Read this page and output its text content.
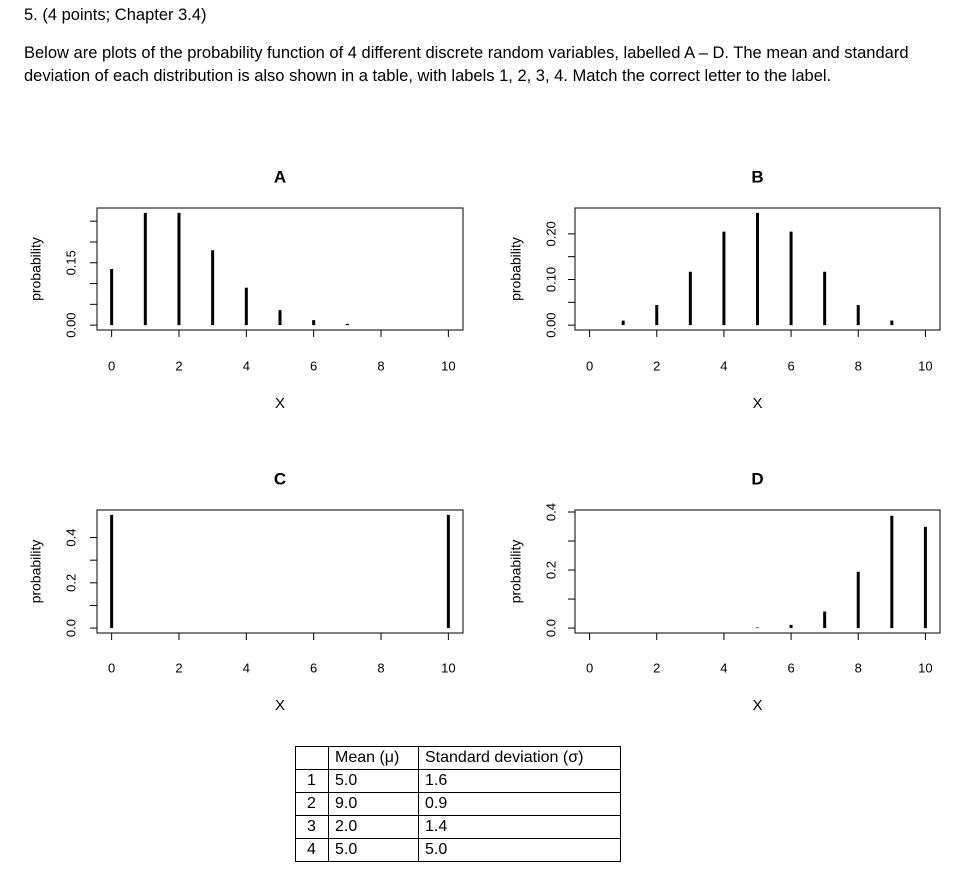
5. (4 points; Chapter 3.4)
Below are plots of the probability function of 4 different discrete random variables, labelled A – D. The mean and standard deviation of each distribution is also shown in a table, with labels 1, 2, 3, 4. Match the correct letter to the label.
A
0	2	4	6	8	10
X
0.00
0.15
probability
B
0	2	4	6	8	10
X
0.00
0.10
0.20
probability
C
0	2	4	6	8	10
X
0.0
0.2
0.4
probability
D
0	2	4	6	8	10
X
0.0
0.2
0.4
probability
	Mean (μ)	Standard deviation (σ)
1	5.0	1.6
2	9.0	0.9
3	2.0	1.4
4	5.0	5.0
